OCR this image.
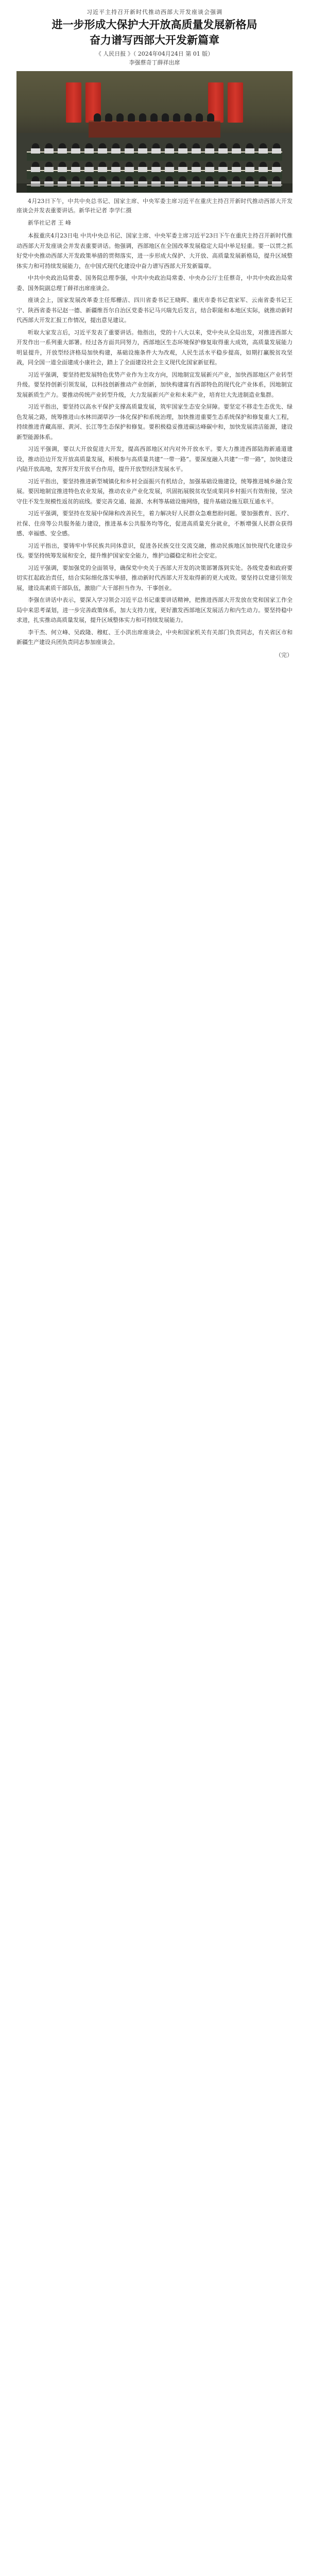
习近平主持召开新时代推动西部大开发座谈会强调
进一步形成大保护大开放高质量发展新格局
奋力谱写西部大开发新篇章
《 人民日报 》（ 2024年04月24日 第 01 版）
李强蔡奇丁薛祥出席
4月23日下午，中共中央总书记、国家主席、中央军委主席习近平在重庆主持召开新时代推动西部大开发座谈会并发表重要讲话。新华社记者 李学仁摄
新华社记者 王 峰

本报重庆4月23日电 中共中央总书记、国家主席、中央军委主席习近平23日下午在重庆主持召开新时代推动西部大开发座谈会并发表重要讲话。他强调，西部地区在全国改革发展稳定大局中举足轻重。要一以贯之抓好党中央推动西部大开发政策举措的贯彻落实，进一步形成大保护、大开放、高质量发展新格局，提升区域整体实力和可持续发展能力，在中国式现代化建设中奋力谱写西部大开发新篇章。

中共中央政治局常委、国务院总理李强，中共中央政治局常委、中央办公厅主任蔡奇，中共中央政治局常委、国务院副总理丁薛祥出席座谈会。

座谈会上，国家发展改革委主任郑栅洁、四川省委书记王晓晖、重庆市委书记袁家军、云南省委书记王宁、陕西省委书记赵一德、新疆维吾尔自治区党委书记马兴瑞先后发言，结合职能和本地区实际，就推动新时代西部大开发汇报工作情况，提出意见建议。

听取大家发言后，习近平发表了重要讲话。他指出，党的十八大以来，党中央从全局出发，对推进西部大开发作出一系列重大部署。经过各方面共同努力，西部地区生态环境保护修复取得重大成效，高质量发展能力明显提升，开放型经济格局加快构建，基础设施条件大为改观，人民生活水平稳步提高，如期打赢脱贫攻坚战，同全国一道全面建成小康社会，踏上了全面建设社会主义现代化国家新征程。

习近平强调，要坚持把发展特色优势产业作为主攻方向，因地制宜发展新兴产业，加快西部地区产业转型升级。要坚持创新引领发展，以科技创新推动产业创新，加快构建富有西部特色的现代化产业体系，因地制宜发展新质生产力。要推动传统产业转型升级，大力发展新兴产业和未来产业，培育壮大先进制造业集群。

习近平指出，要坚持以高水平保护支撑高质量发展，筑牢国家生态安全屏障。要坚定不移走生态优先、绿色发展之路，统筹推进山水林田湖草沙一体化保护和系统治理，加快推进重要生态系统保护和修复重大工程，持续推进青藏高原、黄河、长江等生态保护和修复。要积极稳妥推进碳达峰碳中和，加快发展清洁能源，建设新型能源体系。

习近平强调，要以大开放促进大开发，提高西部地区对内对外开放水平。要大力推进西部陆海新通道建设，推动沿边开发开放高质量发展，积极参与高质量共建“一带一路”。要深度融入共建“一带一路”，加快建设内陆开放高地，发挥开发开放平台作用，提升开放型经济发展水平。

习近平指出，要坚持推进新型城镇化和乡村全面振兴有机结合，加强基础设施建设，统筹推进城乡融合发展。要因地制宜推进特色农业发展，推动农业产业化发展，巩固拓展脱贫攻坚成果同乡村振兴有效衔接，坚决守住不发生规模性返贫的底线。要完善交通、能源、水利等基础设施网络，提升基础设施互联互通水平。

习近平强调，要坚持在发展中保障和改善民生，着力解决好人民群众急难愁盼问题。要加强教育、医疗、社保、住房等公共服务能力建设，推进基本公共服务均等化，促进高质量充分就业，不断增强人民群众获得感、幸福感、安全感。

习近平指出，要铸牢中华民族共同体意识，促进各民族交往交流交融，推动民族地区加快现代化建设步伐。要坚持统筹发展和安全，提升维护国家安全能力，维护边疆稳定和社会安定。

习近平强调，要加强党的全面领导，确保党中央关于西部大开发的决策部署落到实处。各级党委和政府要切实扛起政治责任，结合实际细化落实举措，推动新时代西部大开发取得新的更大成效。要坚持以党建引领发展，建设高素质干部队伍，激励广大干部担当作为、干事创业。

李强在讲话中表示，要深入学习领会习近平总书记重要讲话精神，把推进西部大开发放在党和国家工作全局中来思考谋划，进一步完善政策体系，加大支持力度，更好激发西部地区发展活力和内生动力。要坚持稳中求进，扎实推动高质量发展，提升区域整体实力和可持续发展能力。

李干杰、何立峰、吴政隆、穆虹、王小洪出席座谈会，中央和国家机关有关部门负责同志，有关省区市和新疆生产建设兵团负责同志参加座谈会。

（完）
